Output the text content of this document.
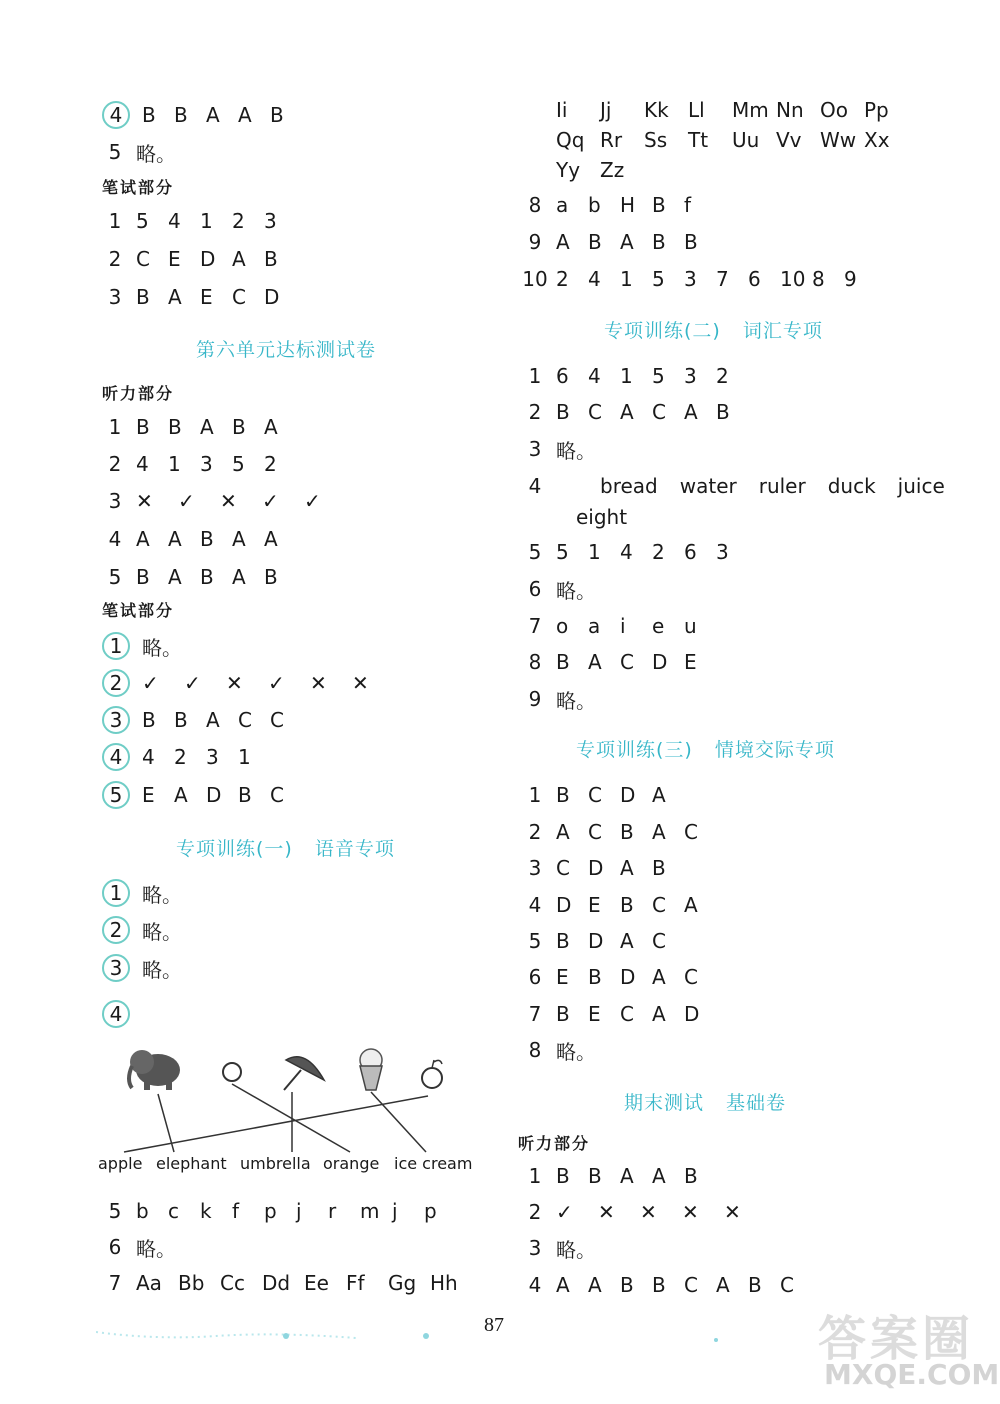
4 B B A A B
5 略。
笔试部分
1 5 4 1 2 3
2 C E D A B
3 B A E C D
第六单元达标测试卷
听力部分
1 B B A B A
2 4 1 3 5 2
3 ✕	✓	✕	✓	✓
4 A A B A A
5 B A B A B
笔试部分
1 略。
2 ✓	✓	✕	✓	✕	✕
3 B B A C C
4 4 2 3 1
5 E A D B C
专项训练(一) 语音专项
1 略。
2 略。
3 略。
4
5 b c	k	f	p j	r	m j	p
6 略。
7 Aa Bb Cc Dd Ee Ff	Gg Hh
Ii	Jj	Kk Ll	Mm Nn Oo Pp
Qq Rr	Ss	Tt	Uu Vv Ww Xx
Yy Zz
8 a b H B f
9 A B A B B
10 2 4 1 5 3 7 6 10 8 9
专项训练(二) 词汇专项
1 6 4 1 5 3 2
2 B C A C A B
3 略。
4	bread water ruler duck juice
eight
5 5 1 4 2 6 3
6 略。
7 o a i	e u
8 B A C D E
9 略。
专项训练(三) 情境交际专项
1 B C D A
2 A C B A C
3 C D A B
4 D E B C A
5 B D A C
6 E B D A C
7 B E C A D
8 略。
期末测试 基础卷
听力部分
1 B B A A B
2 ✓	✕	✕	✕	✕
3 略。
4 A A B B C A B C
apple elephant umbrella orange ice cream
87	答案圈
MXQE.COM
